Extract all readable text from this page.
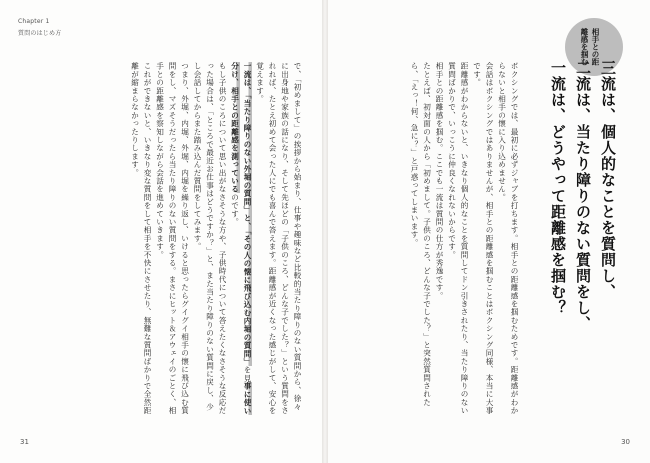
Chapter 1
質問のはじめ方
で、「初めまして」の挨拶から始まり、仕事や趣味など比較的当たり障りのない質問から、徐々に出身地や家族の話になり、そして先ほどの「子供のころ、どんな子でした？」という質問をされれば、たとえ初めて会った人にでも喜んで答えます。距離感が近くなった感じがして、安心を覚えます。
一流は、「当たり障りのない外堀の質問」と、「その人の懐に飛び込む内堀の質問」を見事に使い分け、相手との距離感を測っているのです。
もし子供のころについて思い出がなさそうな方や、子供時代について答えたくなさそうな反応だった場合は、「ところで最近お仕事はどうですか？」と、また当たり障りのない質問に戻し、少し会話してからまた踏み込んだ質問をしてみます。
つまり、外堀、内堀、外堀、内堀を繰り返し、いけると思ったらグイグイ相手の懐に飛び込む質問をし、マズそうだったら当たり障りのない質問をする。まさにヒット＆アウェイのごとく、相手との距離感を察知しながら会話を進めていきます。
これができないと、いきなり変な質問をして相手を不快にさせたり、無難な質問ばかりで全然距離が縮まらなかったりします。
31
相手との距離感を掴む
三流は、個人的なことを質問し、
二流は、当たり障りのない質問をし、
一流は、どうやって距離感を掴む？
ボクシングでは、最初に必ずジャブを打ちます。相手との距離感を掴むためです。距離感がわからないと相手の懐に入り込めません。
会話はボクシングではありませんが、相手との距離感を掴むことはボクシング同様、本当に大事です。
距離感がわからないと、いきなり個人的なことを質問してドン引きされたり、当たり障りのない質問ばかりで、いっこうに仲良くなれないからです。
相手との距離感を掴む。ここでも一流は質問の仕方が秀逸です。
たとえば、初対面の人から「初めまして。子供のころ、どんな子でした？」と突然質問されたら、「えっ！何、急に？」と戸惑ってしまいます。
30
